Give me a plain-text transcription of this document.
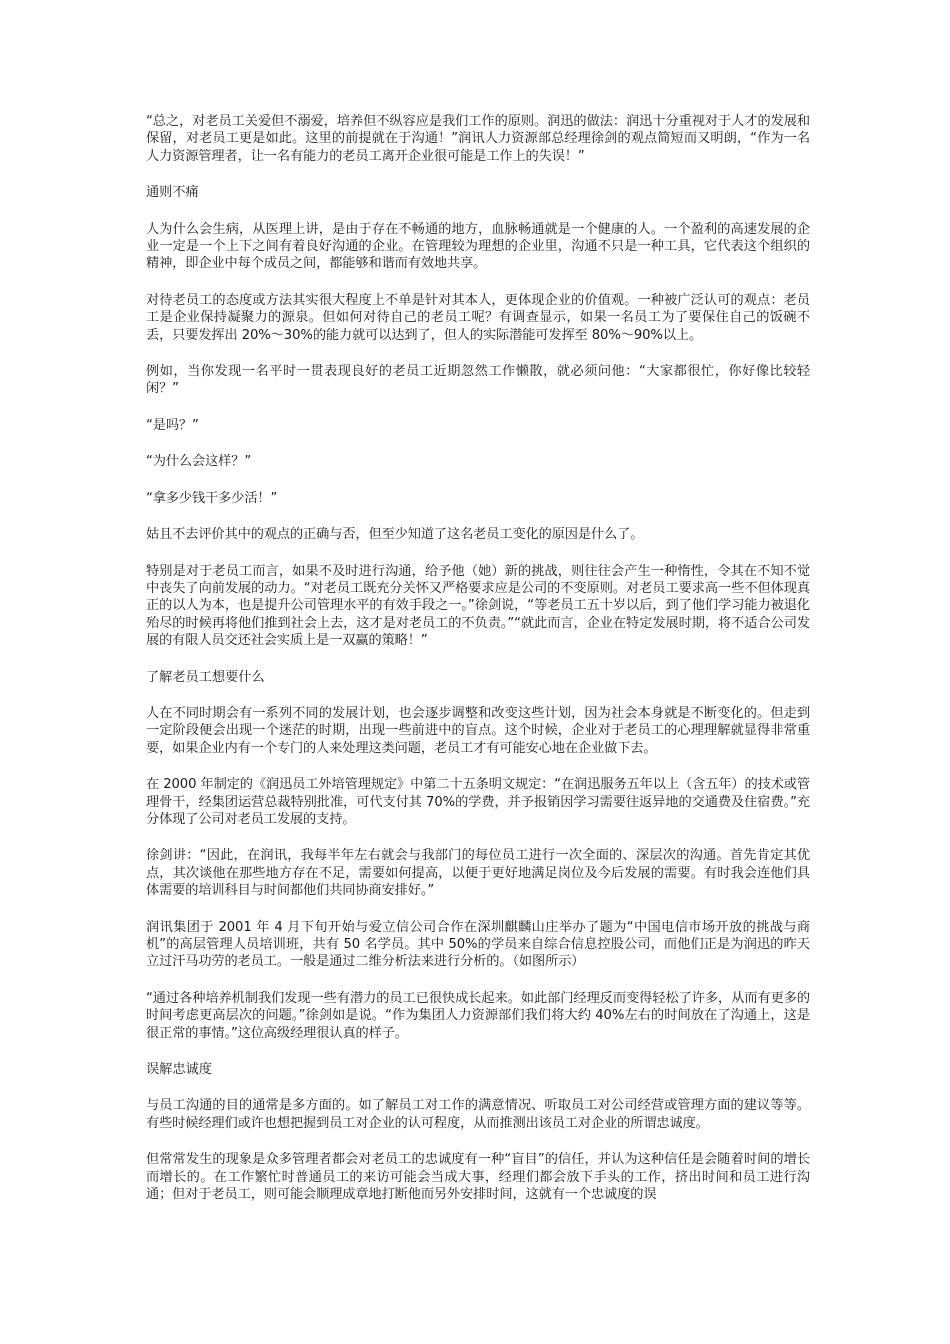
“总之，对老员工关爱但不溺爱，培养但不纵容应是我们工作的原则。润迅的做法：润迅十分重视对于人才的发展和保留，对老员工更是如此。这里的前提就在于沟通！”润讯人力资源部总经理徐剑的观点简短而又明朗，“作为一名人力资源管理者，让一名有能力的老员工离开企业很可能是工作上的失误！”

通则不痛

人为什么会生病，从医理上讲，是由于存在不畅通的地方，血脉畅通就是一个健康的人。一个盈利的高速发展的企业一定是一个上下之间有着良好沟通的企业。在管理较为理想的企业里，沟通不只是一种工具，它代表这个组织的精神，即企业中每个成员之间，都能够和谐而有效地共享。

对待老员工的态度或方法其实很大程度上不单是针对其本人，更体现企业的价值观。一种被广泛认可的观点：老员工是企业保持凝聚力的源泉。但如何对待自己的老员工呢？有调查显示，如果一名员工为了要保住自己的饭碗不丢，只要发挥出 20%～30%的能力就可以达到了，但人的实际潜能可发挥至 80%～90%以上。

例如，当你发现一名平时一贯表现良好的老员工近期忽然工作懒散，就必须问他：“大家都很忙，你好像比较轻闲？”

“是吗？”

“为什么会这样？”

“拿多少钱干多少活！”

姑且不去评价其中的观点的正确与否，但至少知道了这名老员工变化的原因是什么了。

特别是对于老员工而言，如果不及时进行沟通，给予他（她）新的挑战，则往往会产生一种惰性，令其在不知不觉中丧失了向前发展的动力。“对老员工既充分关怀又严格要求应是公司的不变原则。对老员工要求高一些不但体现真正的以人为本，也是提升公司管理水平的有效手段之一。”徐剑说，“等老员工五十岁以后，到了他们学习能力被退化殆尽的时候再将他们推到社会上去，这才是对老员工的不负责。”“就此而言，企业在特定发展时期，将不适合公司发展的有限人员交还社会实质上是一双赢的策略！”

了解老员工想要什么

人在不同时期会有一系列不同的发展计划，也会逐步调整和改变这些计划，因为社会本身就是不断变化的。但走到一定阶段便会出现一个迷茫的时期，出现一些前进中的盲点。这个时候，企业对于老员工的心理理解就显得非常重要，如果企业内有一个专门的人来处理这类问题，老员工才有可能安心地在企业做下去。

在 2000 年制定的《润迅员工外培管理规定》中第二十五条明文规定：“在润迅服务五年以上（含五年）的技术或管理骨干，经集团运营总裁特别批准，可代支付其 70%的学费，并予报销因学习需要往返异地的交通费及住宿费。”充分体现了公司对老员工发展的支持。

徐剑讲：“因此，在润讯，我每半年左右就会与我部门的每位员工进行一次全面的、深层次的沟通。首先肯定其优点，其次谈他在那些地方存在不足，需要如何提高，以便于更好地满足岗位及今后发展的需要。有时我会连他们具体需要的培训科目与时间都他们共同协商安排好。”

润讯集团于 2001 年 4 月下旬开始与爱立信公司合作在深圳麒麟山庄举办了题为“中国电信市场开放的挑战与商机”的高层管理人员培训班，共有 50 名学员。其中 50%的学员来自综合信息控股公司，而他们正是为润迅的昨天立过汗马功劳的老员工。一般是通过二维分析法来进行分析的。（如图所示）

“通过各种培养机制我们发现一些有潜力的员工已很快成长起来。如此部门经理反而变得轻松了许多，从而有更多的时间考虑更高层次的问题。”徐剑如是说。“作为集团人力资源部们我们将大约 40%左右的时间放在了沟通上，这是很正常的事情。”这位高级经理很认真的样子。

误解忠诚度

与员工沟通的目的通常是多方面的。如了解员工对工作的满意情况、听取员工对公司经营或管理方面的建议等等。有些时候经理们或许也想把握到员工对企业的认可程度，从而推测出该员工对企业的所谓忠诚度。

但常常发生的现象是众多管理者都会对老员工的忠诚度有一种“盲目”的信任，并认为这种信任是会随着时间的增长而增长的。在工作繁忙时普通员工的来访可能会当成大事，经理们都会放下手头的工作，挤出时间和员工进行沟通；但对于老员工，则可能会顺理成章地打断他而另外安排时间，这就有一个忠诚度的误
